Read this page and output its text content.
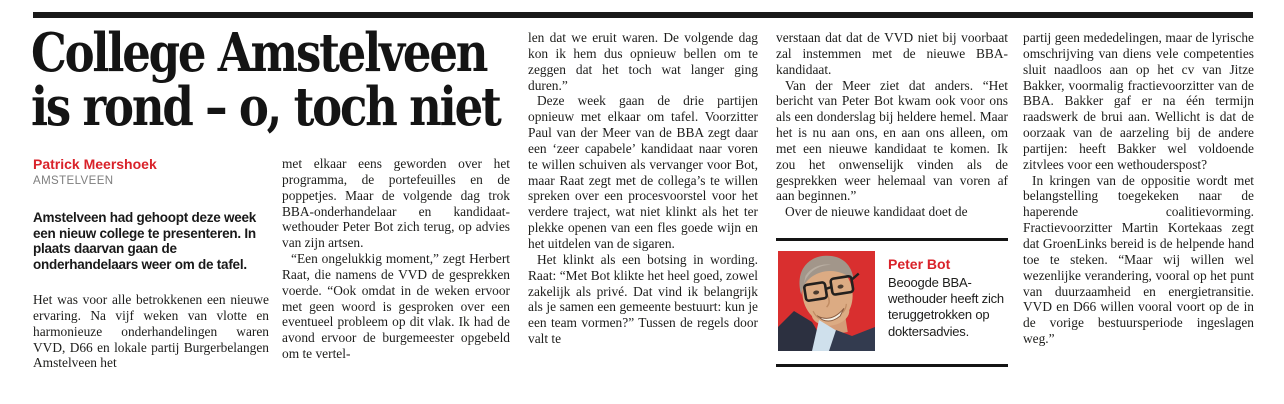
College Amstelveen
is rond – o, toch niet
Patrick Meershoek
AMSTELVEEN

Amstelveen had gehoopt deze week een nieuw college te presenteren. In plaats daarvan gaan de onderhandelaars weer om de tafel.

Het was voor alle betrokkenen een nieuwe ervaring. Na vijf weken van vlotte en harmonieuze onderhandelingen waren VVD, D66 en lokale partij Burgerbelangen Amstelveen het

met elkaar eens geworden over het programma, de portefeuilles en de poppetjes. Maar de volgende dag trok BBA-onderhandelaar en kandidaat-wethouder Peter Bot zich terug, op advies van zijn artsen.

“Een ongelukkig moment,” zegt Herbert Raat, die namens de VVD de gesprekken voerde. “Ook omdat in de weken ervoor met geen woord is gesproken over een eventueel probleem op dit vlak. Ik had de avond ervoor de burgemeester opgebeld om te vertel-

len dat we eruit waren. De volgende dag kon ik hem dus opnieuw bellen om te zeggen dat het toch wat langer ging duren.”

Deze week gaan de drie partijen opnieuw met elkaar om tafel. Voorzitter Paul van der Meer van de BBA zegt daar een ‘zeer capabele’ kandidaat naar voren te willen schuiven als vervanger voor Bot, maar Raat zegt met de collega’s te willen spreken over een procesvoorstel voor het verdere traject, wat niet klinkt als het ter plekke openen van een fles goede wijn en het uitdelen van de sigaren.

Het klinkt als een botsing in wording. Raat: “Met Bot klikte het heel goed, zowel zakelijk als privé. Dat vind ik belangrijk als je samen een gemeente bestuurt: kun je een team vormen?” Tussen de regels door valt te

verstaan dat dat de VVD niet bij voorbaat zal instemmen met de nieuwe BBA-kandidaat.

Van der Meer ziet dat anders. “Het bericht van Peter Bot kwam ook voor ons als een donderslag bij heldere hemel. Maar het is nu aan ons, en aan ons alleen, om met een nieuwe kandidaat te komen. Ik zou het onwenselijk vinden als de gesprekken weer helemaal van voren af aan beginnen.”

Over de nieuwe kandidaat doet de

partij geen mededelingen, maar de lyrische omschrijving van diens vele competenties sluit naadloos aan op het cv van Jitze Bakker, voormalig fractievoorzitter van de BBA. Bakker gaf er na één termijn raadswerk de brui aan. Wellicht is dat de oorzaak van de aarzeling bij de andere partijen: heeft Bakker wel voldoende zitvlees voor een wethouderspost?

In kringen van de oppositie wordt met belangstelling toegekeken naar de haperende coalitievorming. Fractievoorzitter Martin Kortekaas zegt dat GroenLinks bereid is de helpende hand toe te steken. “Maar wij willen wel wezenlijke verandering, vooral op het punt van duurzaamheid en energietransitie. VVD en D66 willen vooral voort op de in de vorige bestuursperiode ingeslagen weg.”

Peter Bot
Beoogde BBA-wethouder heeft zich teruggetrokken op doktersadvies.
